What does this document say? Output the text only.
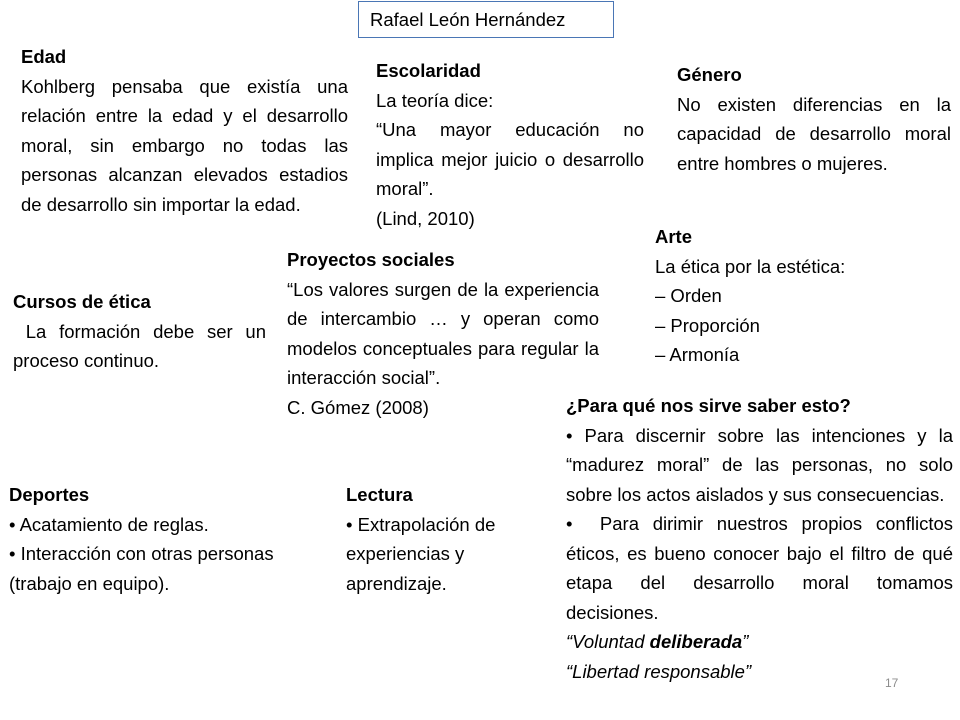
Rafael León Hernández
Edad
Kohlberg pensaba que existía una relación entre la edad y el desarrollo moral, sin embargo no todas las personas alcanzan elevados estadios de desarrollo sin importar la edad.
Escolaridad
La teoría dice:
“Una mayor educación no implica mejor juicio o desarrollo moral”.
(Lind, 2010)
Género
No existen diferencias en la capacidad de desarrollo moral entre hombres o mujeres.
Arte
La ética por la estética:
– Orden
– Proporción
– Armonía
Proyectos sociales
“Los valores surgen de la experiencia de intercambio … y operan como modelos conceptuales para regular la interacción social”.
C. Gómez (2008)
Cursos de ética
La formación debe ser un proceso continuo.
¿Para qué nos sirve saber esto?
• Para discernir sobre las intenciones y la “madurez moral” de las personas, no solo sobre los actos aislados y sus consecuencias.
•  Para dirimir nuestros propios conflictos éticos, es bueno conocer bajo el filtro de qué etapa del desarrollo moral tomamos decisiones.
“Voluntad deliberada”
“Libertad responsable”
Deportes
• Acatamiento de reglas.
• Interacción con otras personas (trabajo en equipo).
Lectura
• Extrapolación de experiencias y aprendizaje.
17
